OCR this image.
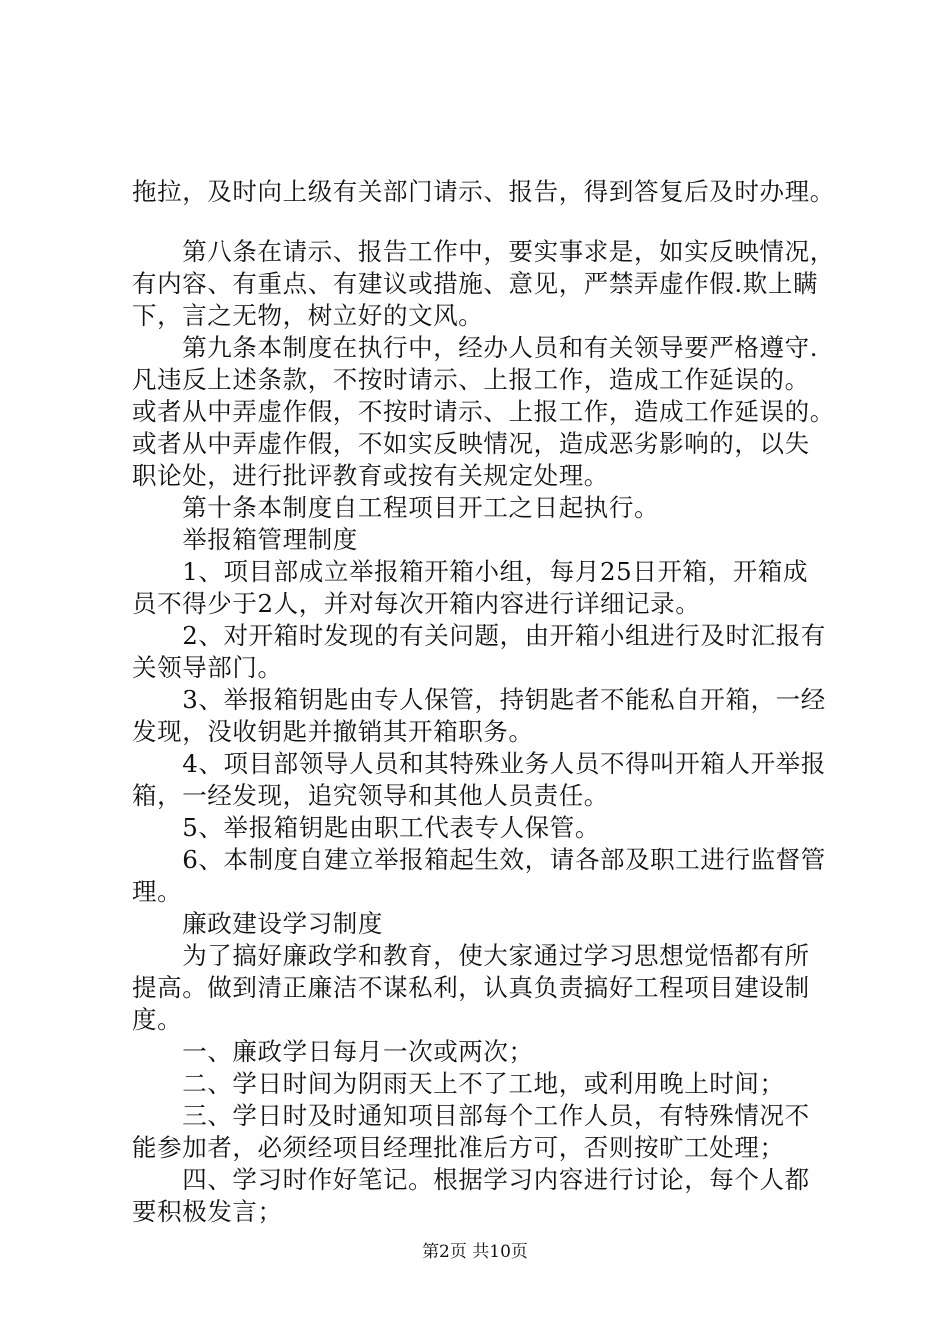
拖拉，及时向上级有关部门请示、报告，得到答复后及时办理。
　　第八条在请示、报告工作中，要实事求是，如实反映情况，
有内容、有重点、有建议或措施、意见，严禁弄虚作假.欺上瞒
下，言之无物，树立好的文风。
　　第九条本制度在执行中，经办人员和有关领导要严格遵守.
凡违反上述条款，不按时请示、上报工作，造成工作延误的。
或者从中弄虚作假，不按时请示、上报工作，造成工作延误的。
或者从中弄虚作假，不如实反映情况，造成恶劣影响的，以失
职论处，进行批评教育或按有关规定处理。
　　第十条本制度自工程项目开工之日起执行。
　　举报箱管理制度
　　1、项目部成立举报箱开箱小组，每月25日开箱，开箱成
员不得少于2人，并对每次开箱内容进行详细记录。
　　2、对开箱时发现的有关问题，由开箱小组进行及时汇报有
关领导部门。
　　3、举报箱钥匙由专人保管，持钥匙者不能私自开箱，一经
发现，没收钥匙并撤销其开箱职务。
　　4、项目部领导人员和其特殊业务人员不得叫开箱人开举报
箱，一经发现，追究领导和其他人员责任。
　　5、举报箱钥匙由职工代表专人保管。
　　6、本制度自建立举报箱起生效，请各部及职工进行监督管
理。
　　廉政建设学习制度
　　为了搞好廉政学和教育，使大家通过学习思想觉悟都有所
提高。做到清正廉洁不谋私利，认真负责搞好工程项目建设制
度。
　　一、廉政学日每月一次或两次；
　　二、学日时间为阴雨天上不了工地，或利用晚上时间；
　　三、学日时及时通知项目部每个工作人员，有特殊情况不
能参加者，必须经项目经理批准后方可，否则按旷工处理；
　　四、学习时作好笔记。根据学习内容进行讨论，每个人都
要积极发言；
第2页 共10页
